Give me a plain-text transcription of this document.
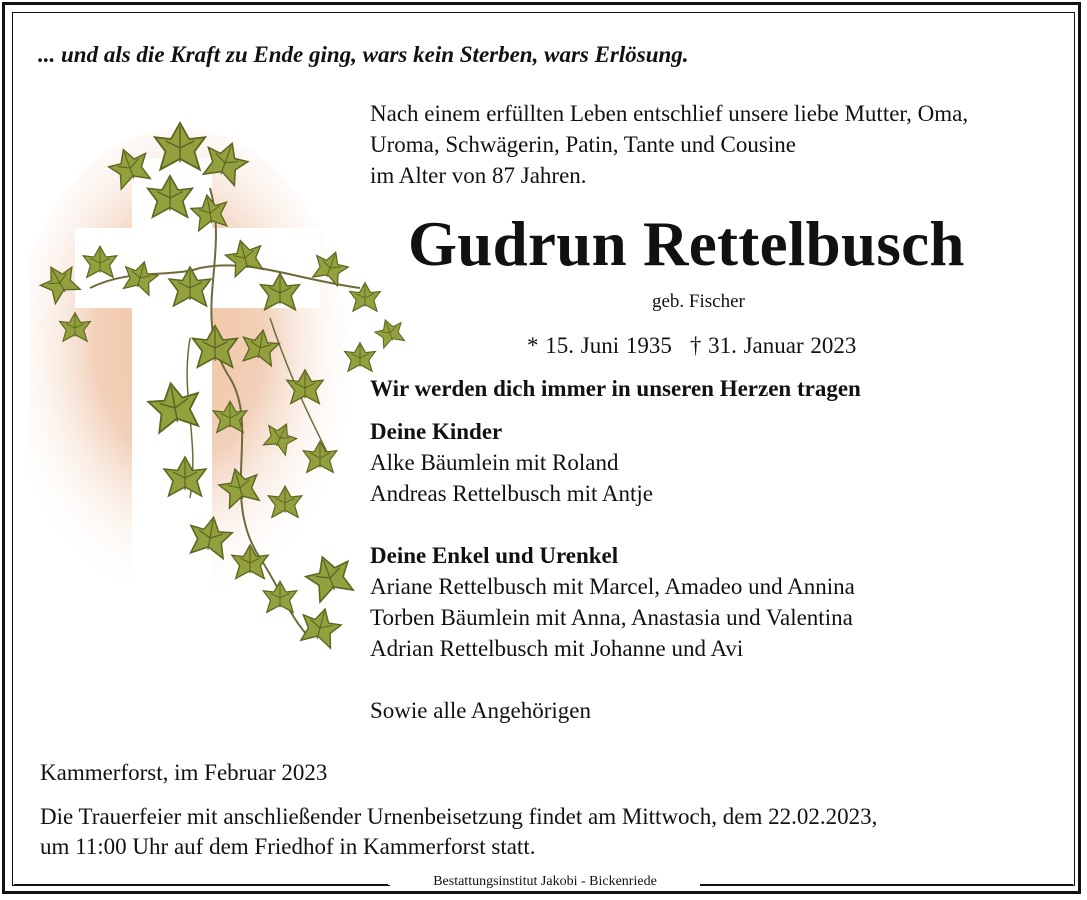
... und als die Kraft zu Ende ging, wars kein Sterben, wars Erlösung.

Nach einem erfüllten Leben entschlief unsere liebe Mutter, Oma,
Uroma, Schwägerin, Patin, Tante und Cousine
im Alter von 87 Jahren.

Gudrun Rettelbusch

geb. Fischer

* 15. Juni 1935 † 31. Januar 2023

Wir werden dich immer in unseren Herzen tragen

Deine Kinder
Alke Bäumlein mit Roland
Andreas Rettelbusch mit Antje
Deine Enkel und Urenkel
Ariane Rettelbusch mit Marcel, Amadeo und Annina
Torben Bäumlein mit Anna, Anastasia und Valentina
Adrian Rettelbusch mit Johanne und Avi

Sowie alle Angehörigen

Kammerforst, im Februar 2023

Die Trauerfeier mit anschließender Urnenbeisetzung findet am Mittwoch, dem 22.02.2023,
um 11:00 Uhr auf dem Friedhof in Kammerforst statt.
Bestattungsinstitut Jakobi - Bickenriede
